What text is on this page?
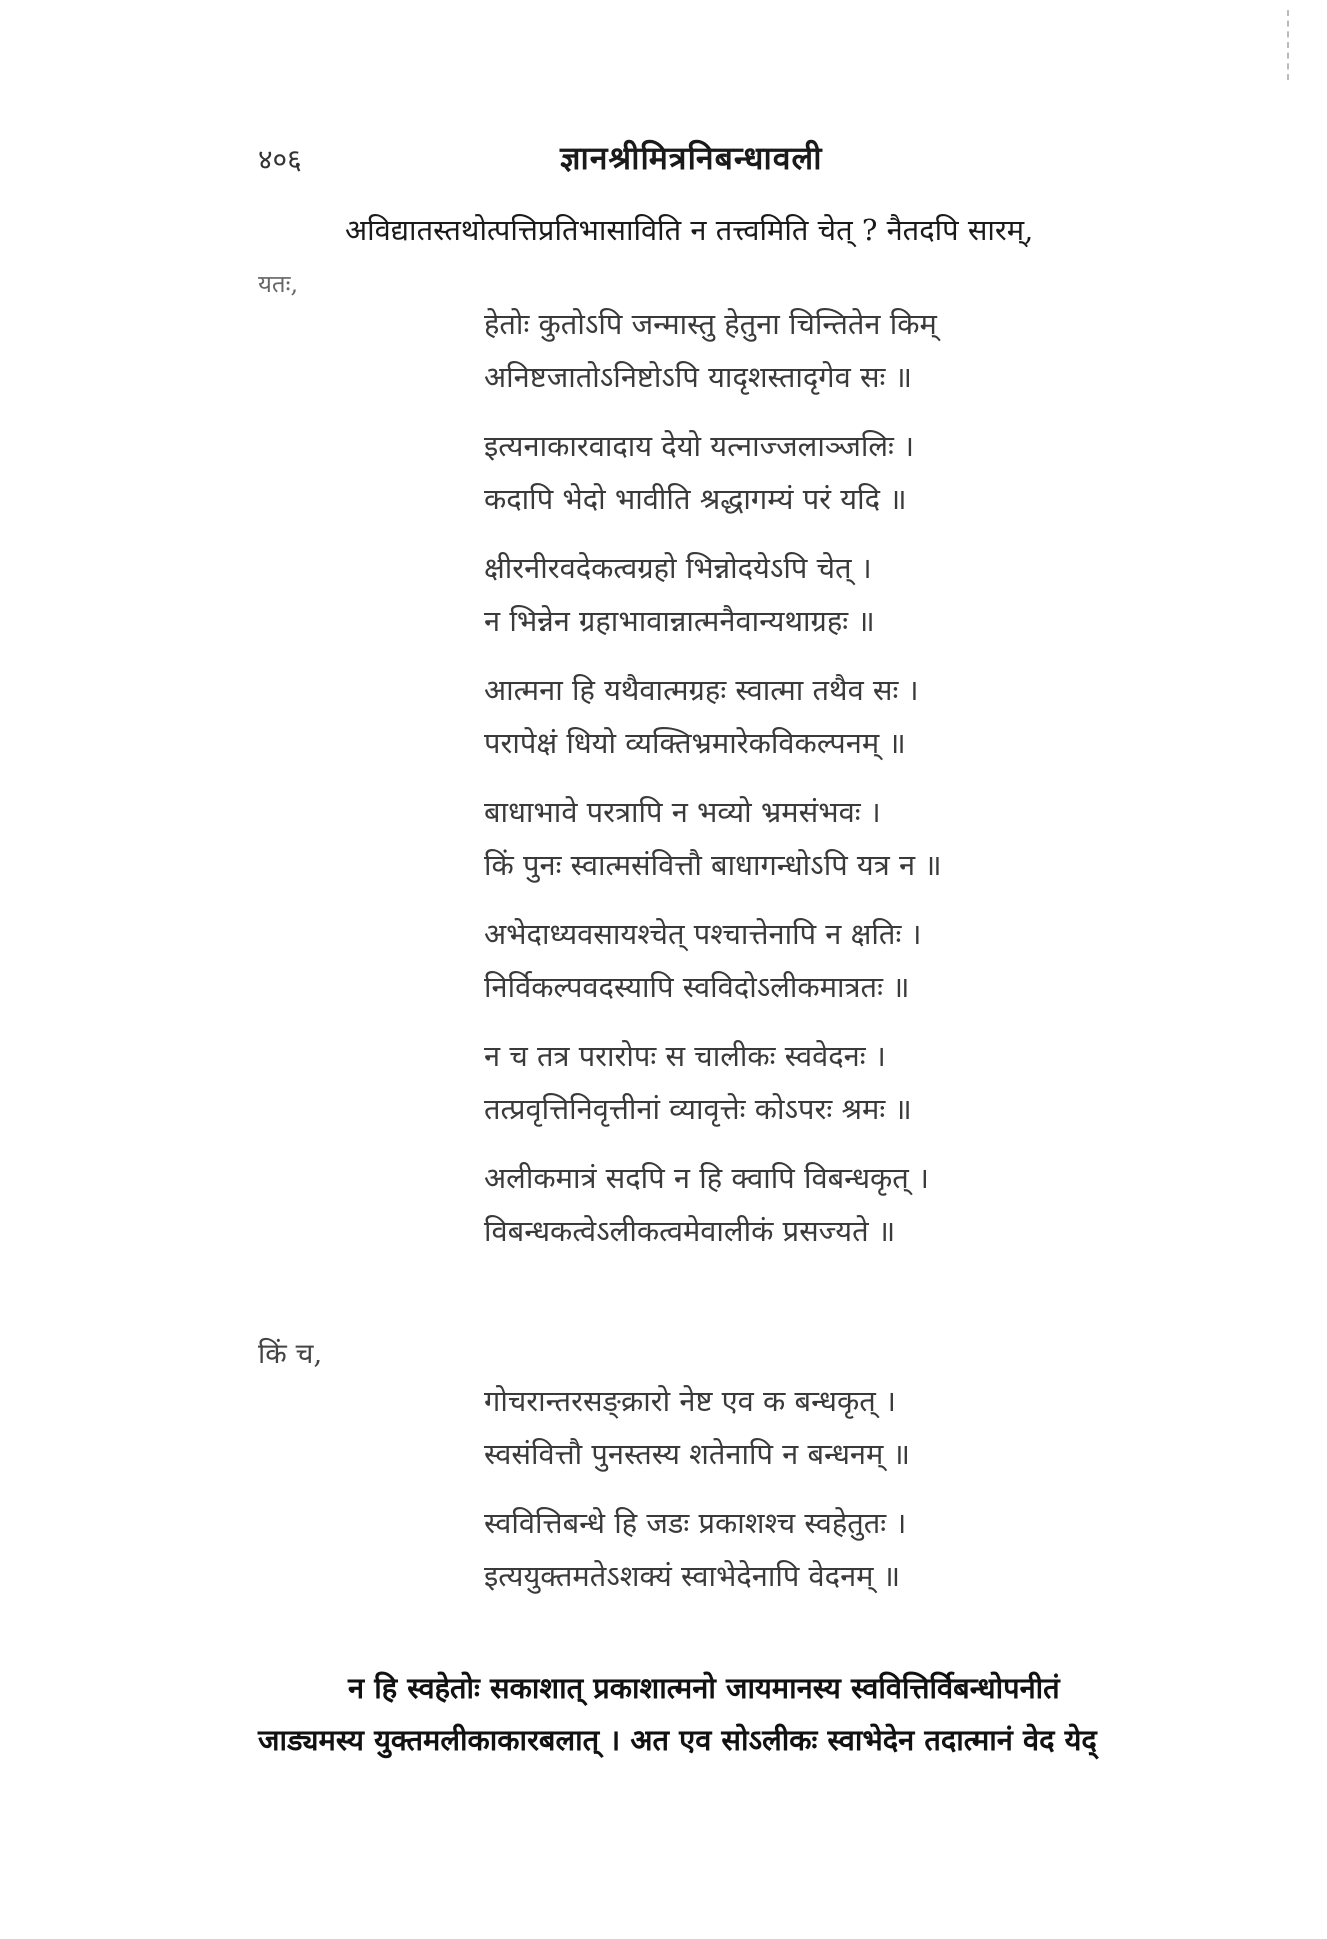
४०६	ज्ञानश्रीमित्रनिबन्धावली
अविद्यातस्तथोत्पत्तिप्रतिभासाविति न तत्त्वमिति चेत् ? नैतदपि सारम्,
यतः,
हेतोः कुतोऽपि जन्मास्तु हेतुना चिन्तितेन किम्
अनिष्टजातोऽनिष्टोऽपि यादृशस्तादृगेव सः ॥
इत्यनाकारवादाय देयो यत्नाज्जलाञ्जलिः ।
कदापि भेदो भावीति श्रद्धागम्यं परं यदि ॥
क्षीरनीरवदेकत्वग्रहो भिन्नोदयेऽपि चेत् ।
न भिन्नेन ग्रहाभावान्नात्मनैवान्यथाग्रहः ॥
आत्मना हि यथैवात्मग्रहः स्वात्मा तथैव सः ।
परापेक्षं धियो व्यक्तिभ्रमारेकविकल्पनम् ॥
बाधाभावे परत्रापि न भव्यो भ्रमसंभवः ।
किं पुनः स्वात्मसंवित्तौ बाधागन्धोऽपि यत्र न ॥
अभेदाध्यवसायश्चेत् पश्चात्तेनापि न क्षतिः ।
निर्विकल्पवदस्यापि स्वविदोऽलीकमात्रतः ॥
न च तत्र परारोपः स चालीकः स्ववेदनः ।
तत्प्रवृत्तिनिवृत्तीनां व्यावृत्तेः कोऽपरः श्रमः ॥
अलीकमात्रं सदपि न हि क्वापि विबन्धकृत् ।
विबन्धकत्वेऽलीकत्वमेवालीकं प्रसज्यते ॥
किं च,
गोचरान्तरसङ्क्रारो नेष्ट एव क बन्धकृत् ।
स्वसंवित्तौ पुनस्तस्य शतेनापि न बन्धनम् ॥
स्ववित्तिबन्धे हि जडः प्रकाशश्च स्वहेतुतः ।
इत्ययुक्तमतेऽशक्यं स्वाभेदेनापि वेदनम् ॥
न हि स्वहेतोः सकाशात् प्रकाशात्मनो जायमानस्य स्ववित्तिर्विबन्धोपनीतं
जाड्यमस्य युक्तमलीकाकारबलात् । अत एव सोऽलीकः स्वाभेदेन तदात्मानं वेद येद्
